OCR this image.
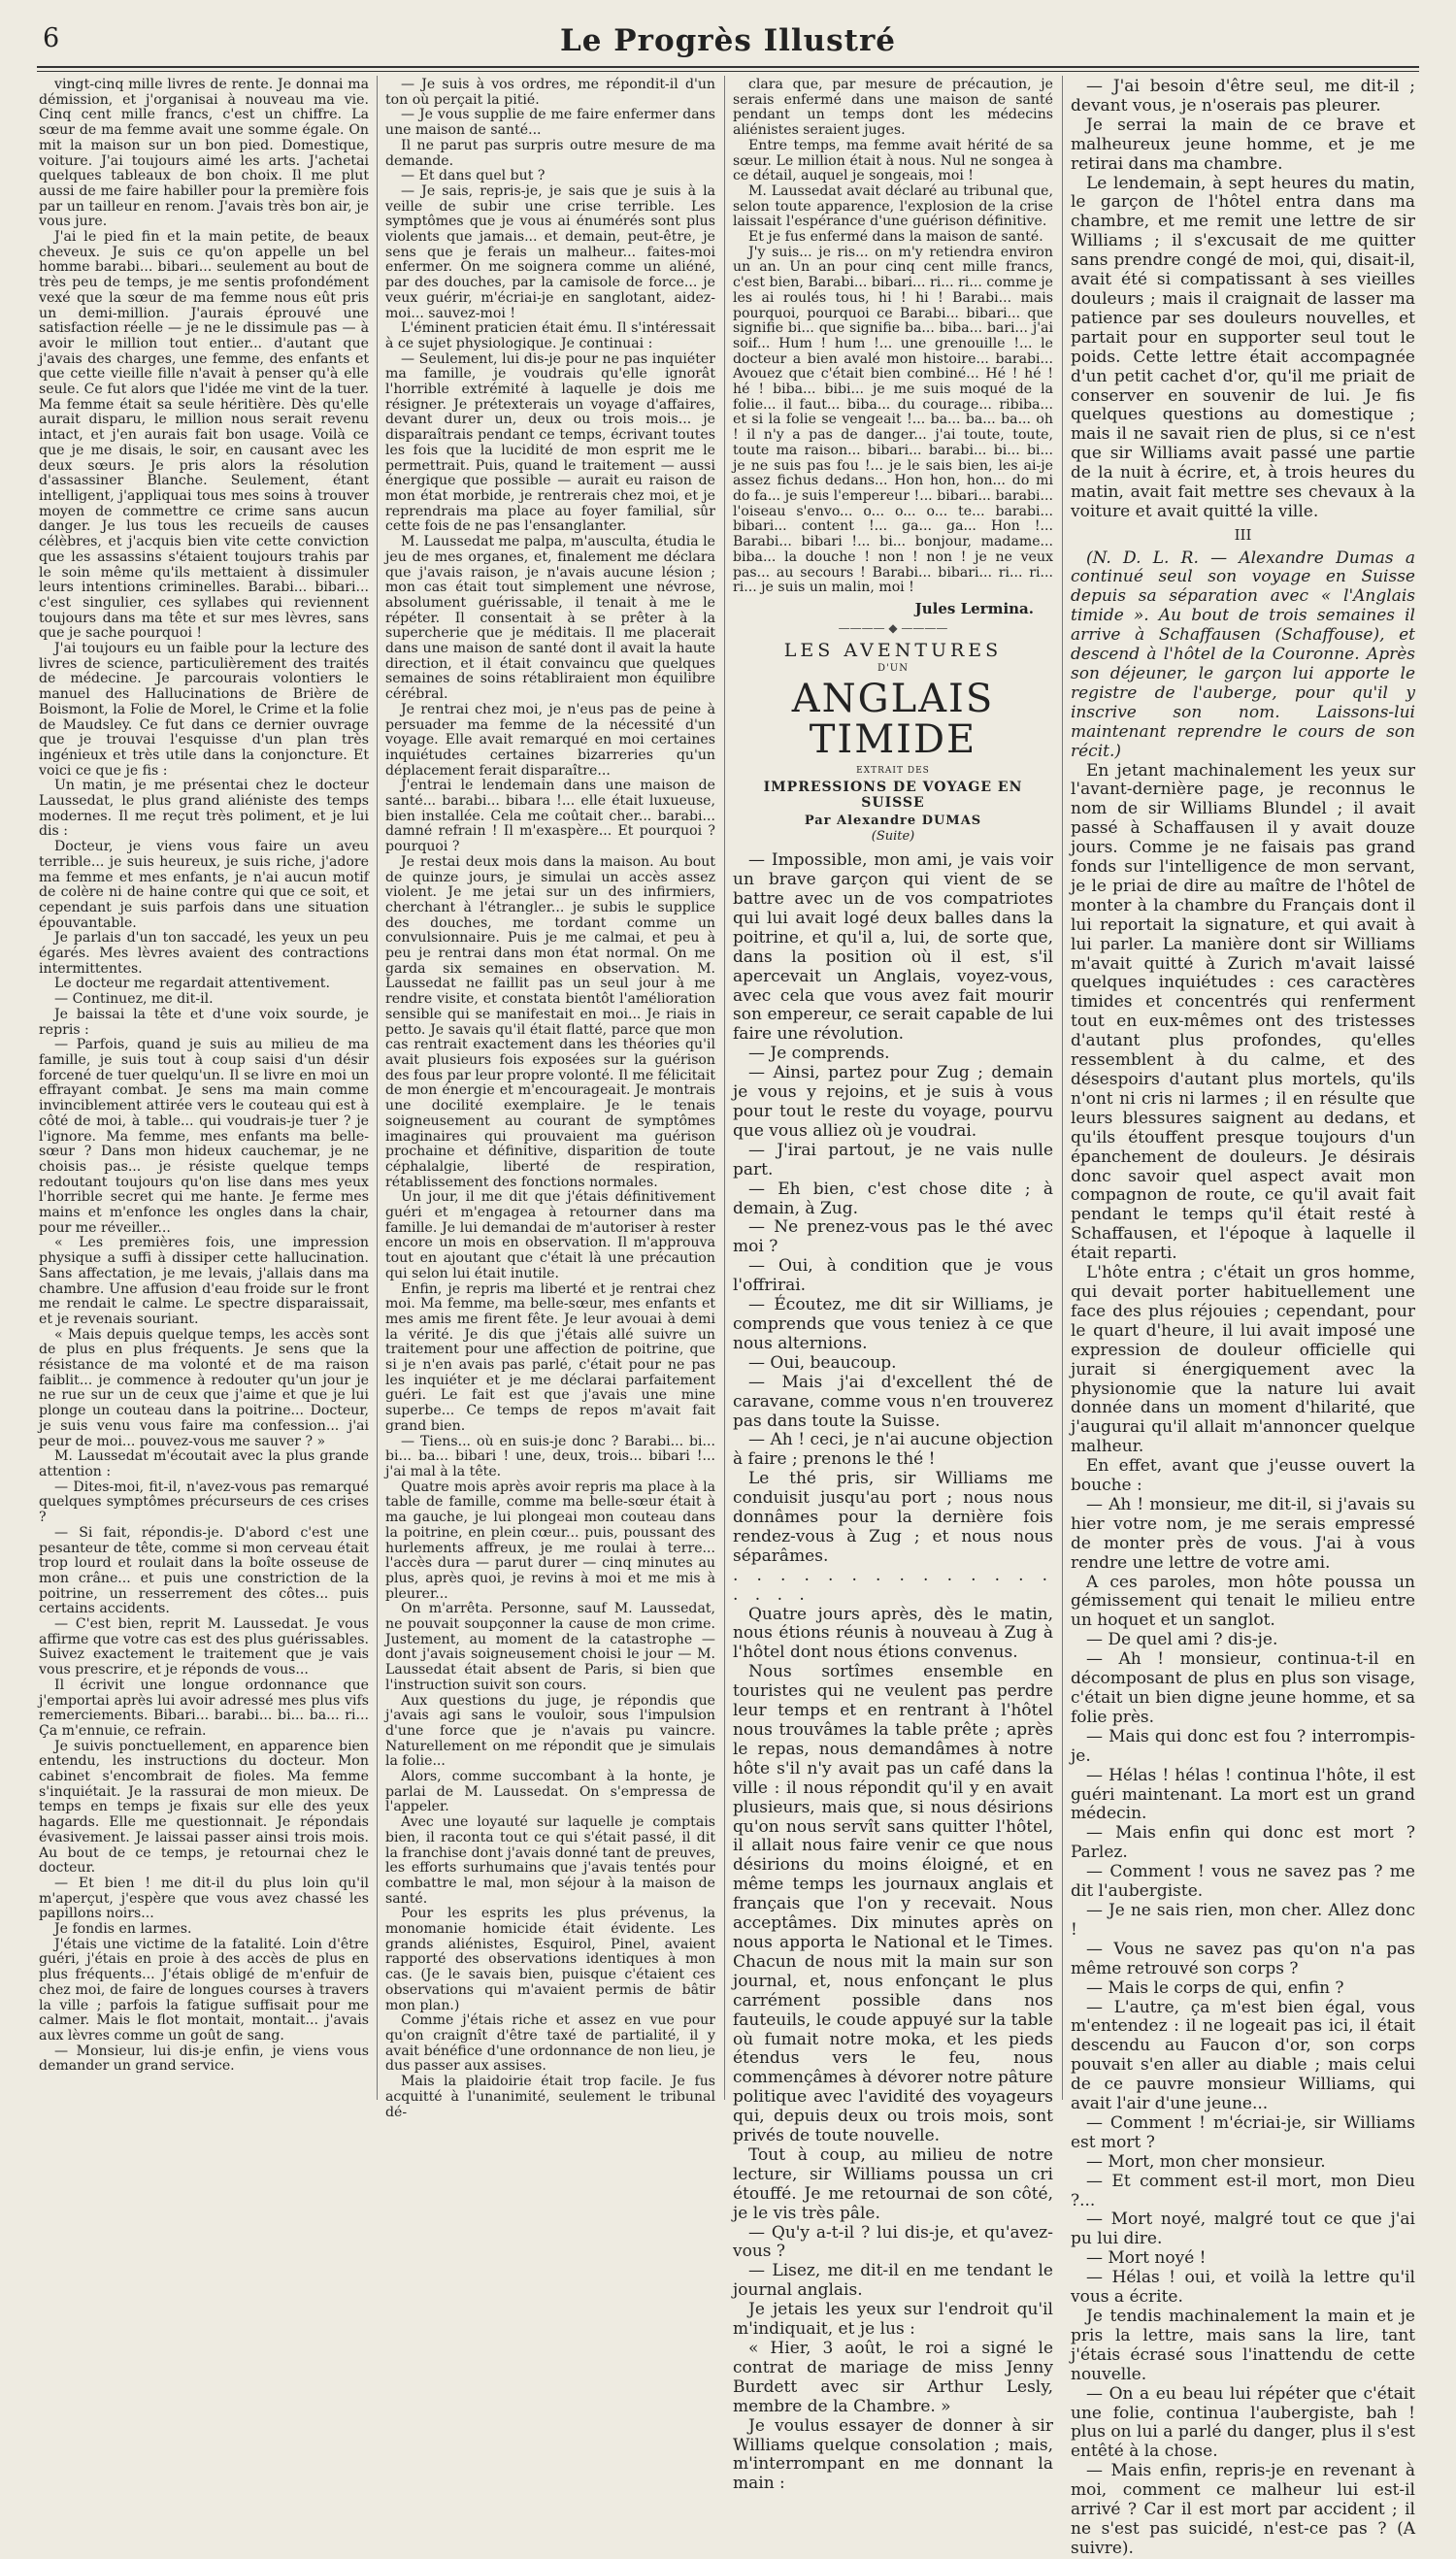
6	Le Progrès Illustré

vingt-cinq mille livres de rente. Je donnai ma démission, et j'organisai à nouveau ma vie. Cinq cent mille francs, c'est un chiffre. La sœur de ma femme avait une somme égale. On mit la maison sur un bon pied. Domestique, voiture. J'ai toujours aimé les arts. J'achetai quelques tableaux de bon choix. Il me plut aussi de me faire habiller pour la première fois par un tailleur en renom. J'avais très bon air, je vous jure.

J'ai le pied fin et la main petite, de beaux cheveux. Je suis ce qu'on appelle un bel homme barabi... bibari... seulement au bout de très peu de temps, je me sentis profondément vexé que la sœur de ma femme nous eût pris un demi-million. J'aurais éprouvé une satisfaction réelle — je ne le dissimule pas — à avoir le million tout entier... d'autant que j'avais des charges, une femme, des enfants et que cette vieille fille n'avait à penser qu'à elle seule. Ce fut alors que l'idée me vint de la tuer. Ma femme était sa seule héritière. Dès qu'elle aurait disparu, le million nous serait revenu intact, et j'en aurais fait bon usage. Voilà ce que je me disais, le soir, en causant avec les deux sœurs. Je pris alors la résolution d'assassiner Blanche. Seulement, étant intelligent, j'appliquai tous mes soins à trouver moyen de commettre ce crime sans aucun danger. Je lus tous les recueils de causes célèbres, et j'acquis bien vite cette conviction que les assassins s'étaient toujours trahis par le soin même qu'ils mettaient à dissimuler leurs intentions criminelles. Barabi... bibari... c'est singulier, ces syllabes qui reviennent toujours dans ma tête et sur mes lèvres, sans que je sache pourquoi !

J'ai toujours eu un faible pour la lecture des livres de science, particulièrement des traités de médecine. Je parcourais volontiers le manuel des Hallucinations de Brière de Boismont, la Folie de Morel, le Crime et la folie de Maudsley. Ce fut dans ce dernier ouvrage que je trouvai l'esquisse d'un plan très ingénieux et très utile dans la conjoncture. Et voici ce que je fis :

Un matin, je me présentai chez le docteur Laussedat, le plus grand aliéniste des temps modernes. Il me reçut très poliment, et je lui dis :

Docteur, je viens vous faire un aveu terrible... je suis heureux, je suis riche, j'adore ma femme et mes enfants, je n'ai aucun motif de colère ni de haine contre qui que ce soit, et cependant je suis parfois dans une situation épouvantable.

Je parlais d'un ton saccadé, les yeux un peu égarés. Mes lèvres avaient des contractions intermittentes.

Le docteur me regardait attentivement.

— Continuez, me dit-il.

Je baissai la tête et d'une voix sourde, je repris :

— Parfois, quand je suis au milieu de ma famille, je suis tout à coup saisi d'un désir forcené de tuer quelqu'un. Il se livre en moi un effrayant combat. Je sens ma main comme invinciblement attirée vers le couteau qui est à côté de moi, à table... qui voudrais-je tuer ? je l'ignore. Ma femme, mes enfants ma belle-sœur ? Dans mon hideux cauchemar, je ne choisis pas... je résiste quelque temps redoutant toujours qu'on lise dans mes yeux l'horrible secret qui me hante. Je ferme mes mains et m'enfonce les ongles dans la chair, pour me réveiller...

« Les premières fois, une impression physique a suffi à dissiper cette hallucination. Sans affectation, je me levais, j'allais dans ma chambre. Une affusion d'eau froide sur le front me rendait le calme. Le spectre disparaissait, et je revenais souriant.

« Mais depuis quelque temps, les accès sont de plus en plus fréquents. Je sens que la résistance de ma volonté et de ma raison faiblit... je commence à redouter qu'un jour je ne rue sur un de ceux que j'aime et que je lui plonge un couteau dans la poitrine... Docteur, je suis venu vous faire ma confession... j'ai peur de moi... pouvez-vous me sauver ? »

M. Laussedat m'écoutait avec la plus grande attention :

— Dites-moi, fit-il, n'avez-vous pas remarqué quelques symptômes précurseurs de ces crises ?

— Si fait, répondis-je. D'abord c'est une pesanteur de tête, comme si mon cerveau était trop lourd et roulait dans la boîte osseuse de mon crâne... et puis une constriction de la poitrine, un resserrement des côtes... puis certains accidents.

— C'est bien, reprit M. Laussedat. Je vous affirme que votre cas est des plus guérissables. Suivez exactement le traitement que je vais vous prescrire, et je réponds de vous...

Il écrivit une longue ordonnance que j'emportai après lui avoir adressé mes plus vifs remerciements. Bibari... barabi... bi... ba... ri... Ça m'ennuie, ce refrain.

Je suivis ponctuellement, en apparence bien entendu, les instructions du docteur. Mon cabinet s'encombrait de fioles. Ma femme s'inquiétait. Je la rassurai de mon mieux. De temps en temps je fixais sur elle des yeux hagards. Elle me questionnait. Je répondais évasivement. Je laissai passer ainsi trois mois. Au bout de ce temps, je retournai chez le docteur.

— Et bien ! me dit-il du plus loin qu'il m'aperçut, j'espère que vous avez chassé les papillons noirs...

Je fondis en larmes.

J'étais une victime de la fatalité. Loin d'être guéri, j'étais en proie à des accès de plus en plus fréquents... J'étais obligé de m'enfuir de chez moi, de faire de longues courses à travers la ville ; parfois la fatigue suffisait pour me calmer. Mais le flot montait, montait... j'avais aux lèvres comme un goût de sang.

— Monsieur, lui dis-je enfin, je viens vous demander un grand service.

— Je suis à vos ordres, me répondit-il d'un ton où perçait la pitié.

— Je vous supplie de me faire enfermer dans une maison de santé...

Il ne parut pas surpris outre mesure de ma demande.

— Et dans quel but ?

— Je sais, repris-je, je sais que je suis à la veille de subir une crise terrible. Les symptômes que je vous ai énumérés sont plus violents que jamais... et demain, peut-être, je sens que je ferais un malheur... faites-moi enfermer. On me soignera comme un aliéné, par des douches, par la camisole de force... je veux guérir, m'écriai-je en sanglotant, aidez-moi... sauvez-moi !

L'éminent praticien était ému. Il s'intéressait à ce sujet physiologique. Je continuai :

— Seulement, lui dis-je pour ne pas inquiéter ma famille, je voudrais qu'elle ignorât l'horrible extrémité à laquelle je dois me résigner. Je prétexterais un voyage d'affaires, devant durer un, deux ou trois mois... je disparaîtrais pendant ce temps, écrivant toutes les fois que la lucidité de mon esprit me le permettrait. Puis, quand le traitement — aussi énergique que possible — aurait eu raison de mon état morbide, je rentrerais chez moi, et je reprendrais ma place au foyer familial, sûr cette fois de ne pas l'ensanglanter.

M. Laussedat me palpa, m'ausculta, étudia le jeu de mes organes, et, finalement me déclara que j'avais raison, je n'avais aucune lésion ; mon cas était tout simplement une névrose, absolument guérissable, il tenait à me le répéter. Il consentait à se prêter à la supercherie que je méditais. Il me placerait dans une maison de santé dont il avait la haute direction, et il était convaincu que quelques semaines de soins rétabliraient mon équilibre cérébral.

Je rentrai chez moi, je n'eus pas de peine à persuader ma femme de la nécessité d'un voyage. Elle avait remarqué en moi certaines inquiétudes certaines bizarreries qu'un déplacement ferait disparaître...

J'entrai le lendemain dans une maison de santé... barabi... bibara !... elle était luxueuse, bien installée. Cela me coûtait cher... barabi... damné refrain ! Il m'exaspère... Et pourquoi ? pourquoi ?

Je restai deux mois dans la maison. Au bout de quinze jours, je simulai un accès assez violent. Je me jetai sur un des infirmiers, cherchant à l'étrangler... je subis le supplice des douches, me tordant comme un convulsionnaire. Puis je me calmai, et peu à peu je rentrai dans mon état normal. On me garda six semaines en observation. M. Laussedat ne faillit pas un seul jour à me rendre visite, et constata bientôt l'amélioration sensible qui se manifestait en moi... Je riais in petto. Je savais qu'il était flatté, parce que mon cas rentrait exactement dans les théories qu'il avait plusieurs fois exposées sur la guérison des fous par leur propre volonté. Il me félicitait de mon énergie et m'encourageait. Je montrais une docilité exemplaire. Je le tenais soigneusement au courant de symptômes imaginaires qui prouvaient ma guérison prochaine et définitive, disparition de toute céphalalgie, liberté de respiration, rétablissement des fonctions normales.

Un jour, il me dit que j'étais définitivement guéri et m'engagea à retourner dans ma famille. Je lui demandai de m'autoriser à rester encore un mois en observation. Il m'approuva tout en ajoutant que c'était là une précaution qui selon lui était inutile.

Enfin, je repris ma liberté et je rentrai chez moi. Ma femme, ma belle-sœur, mes enfants et mes amis me firent fête. Je leur avouai à demi la vérité. Je dis que j'étais allé suivre un traitement pour une affection de poitrine, que si je n'en avais pas parlé, c'était pour ne pas les inquiéter et je me déclarai parfaitement guéri. Le fait est que j'avais une mine superbe... Ce temps de repos m'avait fait grand bien.

— Tiens... où en suis-je donc ? Barabi... bi... bi... ba... bibari ! une, deux, trois... bibari !... j'ai mal à la tête.

Quatre mois après avoir repris ma place à la table de famille, comme ma belle-sœur était à ma gauche, je lui plongeai mon couteau dans la poitrine, en plein cœur... puis, poussant des hurlements affreux, je me roulai à terre... l'accès dura — parut durer — cinq minutes au plus, après quoi, je revins à moi et me mis à pleurer...

On m'arrêta. Personne, sauf M. Laussedat, ne pouvait soupçonner la cause de mon crime. Justement, au moment de la catastrophe — dont j'avais soigneusement choisi le jour — M. Laussedat était absent de Paris, si bien que l'instruction suivit son cours.

Aux questions du juge, je répondis que j'avais agi sans le vouloir, sous l'impulsion d'une force que je n'avais pu vaincre. Naturellement on me répondit que je simulais la folie...

Alors, comme succombant à la honte, je parlai de M. Laussedat. On s'empressa de l'appeler.

Avec une loyauté sur laquelle je comptais bien, il raconta tout ce qui s'était passé, il dit la franchise dont j'avais donné tant de preuves, les efforts surhumains que j'avais tentés pour combattre le mal, mon séjour à la maison de santé.

Pour les esprits les plus prévenus, la monomanie homicide était évidente. Les grands aliénistes, Esquirol, Pinel, avaient rapporté des observations identiques à mon cas. (Je le savais bien, puisque c'étaient ces observations qui m'avaient permis de bâtir mon plan.)

Comme j'étais riche et assez en vue pour qu'on craignît d'être taxé de partialité, il y avait bénéfice d'une ordonnance de non lieu, je dus passer aux assises.

Mais la plaidoirie était trop facile. Je fus acquitté à l'unanimité, seulement le tribunal dé-

clara que, par mesure de précaution, je serais enfermé dans une maison de santé pendant un temps dont les médecins aliénistes seraient juges.

Entre temps, ma femme avait hérité de sa sœur. Le million était à nous. Nul ne songea à ce détail, auquel je songeais, moi !

M. Laussedat avait déclaré au tribunal que, selon toute apparence, l'explosion de la crise laissait l'espérance d'une guérison définitive.

Et je fus enfermé dans la maison de santé.

J'y suis... je ris... on m'y retiendra environ un an. Un an pour cinq cent mille francs, c'est bien, Barabi... bibari... ri... ri... comme je les ai roulés tous, hi ! hi ! Barabi... mais pourquoi, pourquoi ce Barabi... bibari... que signifie bi... que signifie ba... biba... bari... j'ai soif... Hum ! hum !... une grenouille !... le docteur a bien avalé mon histoire... barabi... Avouez que c'était bien combiné... Hé ! hé ! hé ! biba... bibi... je me suis moqué de la folie... il faut... biba... du courage... ribiba... et si la folie se vengeait !... ba... ba... ba... oh ! il n'y a pas de danger... j'ai toute, toute, toute ma raison... bibari... barabi... bi... bi... je ne suis pas fou !... je le sais bien, les ai-je assez fichus dedans... Hon hon, hon... do mi do fa... je suis l'empereur !... bibari... barabi... l'oiseau s'envo... o... o... o... te... barabi... bibari... content !... ga... ga... Hon !... Barabi... bibari !... bi... bonjour, madame... biba... la douche ! non ! non ! je ne veux pas... au secours ! Barabi... bibari... ri... ri... ri... je suis un malin, moi !

Jules Lermina.
———— ◆ ————
LES AVENTURES
D'UN
ANGLAIS TIMIDE
EXTRAIT DES
IMPRESSIONS DE VOYAGE EN SUISSE
Par Alexandre DUMAS
(Suite)

— Impossible, mon ami, je vais voir un brave garçon qui vient de se battre avec un de vos compatriotes qui lui avait logé deux balles dans la poitrine, et qu'il a, lui, de sorte que, dans la position où il est, s'il apercevait un Anglais, voyez-vous, avec cela que vous avez fait mourir son empereur, ce serait capable de lui faire une révolution.

— Je comprends.

— Ainsi, partez pour Zug ; demain je vous y rejoins, et je suis à vous pour tout le reste du voyage, pourvu que vous alliez où je voudrai.

— J'irai partout, je ne vais nulle part.

— Eh bien, c'est chose dite ; à demain, à Zug.

— Ne prenez-vous pas le thé avec moi ?

— Oui, à condition que je vous l'offrirai.

— Écoutez, me dit sir Williams, je comprends que vous teniez à ce que nous alternions.

— Oui, beaucoup.

— Mais j'ai d'excellent thé de caravane, comme vous n'en trouverez pas dans toute la Suisse.

— Ah ! ceci, je n'ai aucune objection à faire ; prenons le thé !

Le thé pris, sir Williams me conduisit jusqu'au port ; nous nous donnâmes pour la dernière fois rendez-vous à Zug ; et nous nous séparâmes.

. . . . . . . . . . . . . . . . . .

Quatre jours après, dès le matin, nous étions réunis à nouveau à Zug à l'hôtel dont nous étions convenus.

Nous sortîmes ensemble en touristes qui ne veulent pas perdre leur temps et en rentrant à l'hôtel nous trouvâmes la table prête ; après le repas, nous demandâmes à notre hôte s'il n'y avait pas un café dans la ville : il nous répondit qu'il y en avait plusieurs, mais que, si nous désirions qu'on nous servît sans quitter l'hôtel, il allait nous faire venir ce que nous désirions du moins éloigné, et en même temps les journaux anglais et français que l'on y recevait. Nous acceptâmes. Dix minutes après on nous apporta le National et le Times. Chacun de nous mit la main sur son journal, et, nous enfonçant le plus carrément possible dans nos fauteuils, le coude appuyé sur la table où fumait notre moka, et les pieds étendus vers le feu, nous commençâmes à dévorer notre pâture politique avec l'avidité des voyageurs qui, depuis deux ou trois mois, sont privés de toute nouvelle.

Tout à coup, au milieu de notre lecture, sir Williams poussa un cri étouffé. Je me retournai de son côté, je le vis très pâle.

— Qu'y a-t-il ? lui dis-je, et qu'avez-vous ?

— Lisez, me dit-il en me tendant le journal anglais.

Je jetais les yeux sur l'endroit qu'il m'indiquait, et je lus :

« Hier, 3 août, le roi a signé le contrat de mariage de miss Jenny Burdett avec sir Arthur Lesly, membre de la Chambre. »

Je voulus essayer de donner à sir Williams quelque consolation ; mais, m'interrompant en me donnant la main :

— J'ai besoin d'être seul, me dit-il ; devant vous, je n'oserais pas pleurer.

Je serrai la main de ce brave et malheureux jeune homme, et je me retirai dans ma chambre.

Le lendemain, à sept heures du matin, le garçon de l'hôtel entra dans ma chambre, et me remit une lettre de sir Williams ; il s'excusait de me quitter sans prendre congé de moi, qui, disait-il, avait été si compatissant à ses vieilles douleurs ; mais il craignait de lasser ma patience par ses douleurs nouvelles, et partait pour en supporter seul tout le poids. Cette lettre était accompagnée d'un petit cachet d'or, qu'il me priait de conserver en souvenir de lui. Je fis quelques questions au domestique ; mais il ne savait rien de plus, si ce n'est que sir Williams avait passé une partie de la nuit à écrire, et, à trois heures du matin, avait fait mettre ses chevaux à la voiture et avait quitté la ville.

III

(N. D. L. R. — Alexandre Dumas a continué seul son voyage en Suisse depuis sa séparation avec « l'Anglais timide ». Au bout de trois semaines il arrive à Schaffausen (Schaffouse), et descend à l'hôtel de la Couronne. Après son déjeuner, le garçon lui apporte le registre de l'auberge, pour qu'il y inscrive son nom. Laissons-lui maintenant reprendre le cours de son récit.)

En jetant machinalement les yeux sur l'avant-dernière page, je reconnus le nom de sir Williams Blundel ; il avait passé à Schaffausen il y avait douze jours. Comme je ne faisais pas grand fonds sur l'intelligence de mon servant, je le priai de dire au maître de l'hôtel de monter à la chambre du Français dont il lui reportait la signature, et qui avait à lui parler. La manière dont sir Williams m'avait quitté à Zurich m'avait laissé quelques inquiétudes : ces caractères timides et concentrés qui renferment tout en eux-mêmes ont des tristesses d'autant plus profondes, qu'elles ressemblent à du calme, et des désespoirs d'autant plus mortels, qu'ils n'ont ni cris ni larmes ; il en résulte que leurs blessures saignent au dedans, et qu'ils étouffent presque toujours d'un épanchement de douleurs. Je désirais donc savoir quel aspect avait mon compagnon de route, ce qu'il avait fait pendant le temps qu'il était resté à Schaffausen, et l'époque à laquelle il était reparti.

L'hôte entra ; c'était un gros homme, qui devait porter habituellement une face des plus réjouies ; cependant, pour le quart d'heure, il lui avait imposé une expression de douleur officielle qui jurait si énergiquement avec la physionomie que la nature lui avait donnée dans un moment d'hilarité, que j'augurai qu'il allait m'annoncer quelque malheur.

En effet, avant que j'eusse ouvert la bouche :

— Ah ! monsieur, me dit-il, si j'avais su hier votre nom, je me serais empressé de monter près de vous. J'ai à vous rendre une lettre de votre ami.

A ces paroles, mon hôte poussa un gémissement qui tenait le milieu entre un hoquet et un sanglot.

— De quel ami ? dis-je.

— Ah ! monsieur, continua-t-il en décomposant de plus en plus son visage, c'était un bien digne jeune homme, et sa folie près.

— Mais qui donc est fou ? interrompis-je.

— Hélas ! hélas ! continua l'hôte, il est guéri maintenant. La mort est un grand médecin.

— Mais enfin qui donc est mort ? Parlez.

— Comment ! vous ne savez pas ? me dit l'aubergiste.

— Je ne sais rien, mon cher. Allez donc !

— Vous ne savez pas qu'on n'a pas même retrouvé son corps ?

— Mais le corps de qui, enfin ?

— L'autre, ça m'est bien égal, vous m'entendez : il ne logeait pas ici, il était descendu au Faucon d'or, son corps pouvait s'en aller au diable ; mais celui de ce pauvre monsieur Williams, qui avait l'air d'une jeune...

— Comment ! m'écriai-je, sir Williams est mort ?

— Mort, mon cher monsieur.

— Et comment est-il mort, mon Dieu ?...

— Mort noyé, malgré tout ce que j'ai pu lui dire.

— Mort noyé !

— Hélas ! oui, et voilà la lettre qu'il vous a écrite.

Je tendis machinalement la main et je pris la lettre, mais sans la lire, tant j'étais écrasé sous l'inattendu de cette nouvelle.

— On a eu beau lui répéter que c'était une folie, continua l'aubergiste, bah ! plus on lui a parlé du danger, plus il s'est entêté à la chose.

— Mais enfin, repris-je en revenant à moi, comment ce malheur lui est-il arrivé ? Car il est mort par accident ; il ne s'est pas suicidé, n'est-ce pas ? (A suivre).
